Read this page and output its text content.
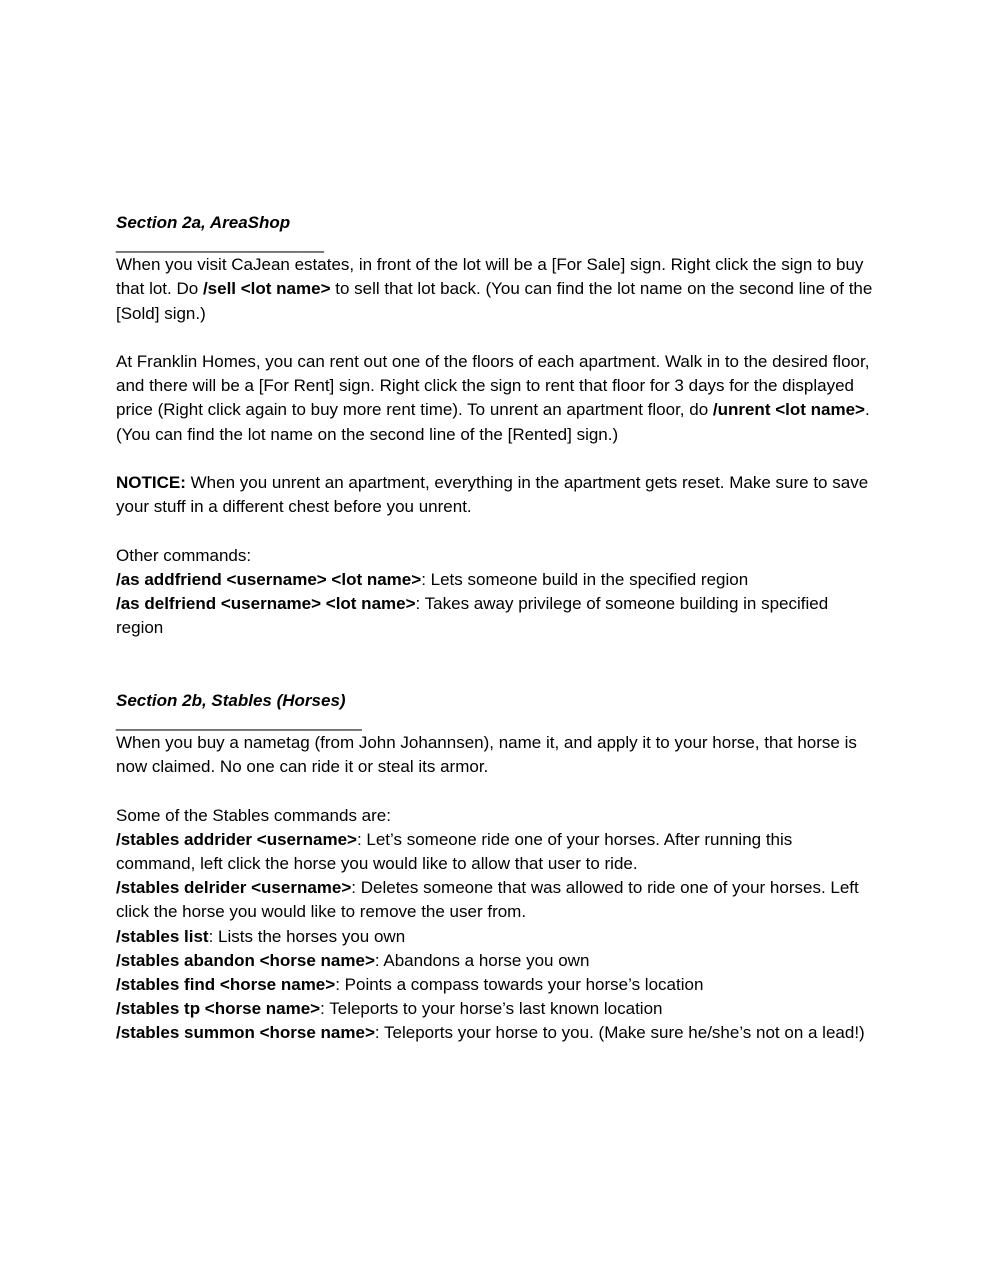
Section 2a, AreaShop

______________________

When you visit CaJean estates, in front of the lot will be a [For Sale] sign. Right click the sign to buy that lot. Do /sell <lot name> to sell that lot back. (You can find the lot name on the second line of the [Sold] sign.)

At Franklin Homes, you can rent out one of the floors of each apartment. Walk in to the desired floor, and there will be a [For Rent] sign. Right click the sign to rent that floor for 3 days for the displayed price (Right click again to buy more rent time). To unrent an apartment floor, do /unrent <lot name>. (You can find the lot name on the second line of the [Rented] sign.)

NOTICE: When you unrent an apartment, everything in the apartment gets reset. Make sure to save your stuff in a different chest before you unrent.

Other commands:

/as addfriend <username> <lot name>: Lets someone build in the specified region

/as delfriend <username> <lot name>: Takes away privilege of someone building in specified region

Section 2b, Stables (Horses)

__________________________

When you buy a nametag (from John Johannsen), name it, and apply it to your horse, that horse is now claimed. No one can ride it or steal its armor.

Some of the Stables commands are:

/stables addrider <username>: Let’s someone ride one of your horses. After running this command, left click the horse you would like to allow that user to ride.

/stables delrider <username>: Deletes someone that was allowed to ride one of your horses. Left click the horse you would like to remove the user from.

/stables list: Lists the horses you own

/stables abandon <horse name>: Abandons a horse you own

/stables find <horse name>: Points a compass towards your horse’s location

/stables tp <horse name>: Teleports to your horse’s last known location

/stables summon <horse name>: Teleports your horse to you. (Make sure he/she’s not on a lead!)
